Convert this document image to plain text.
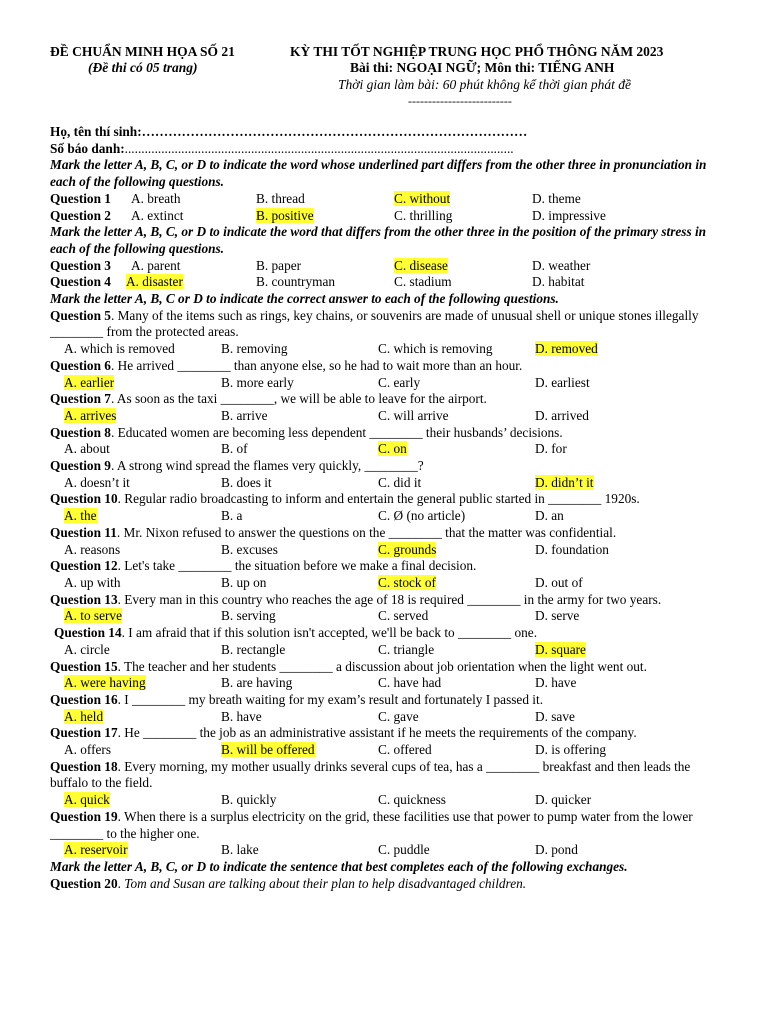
ĐỀ CHUẨN MINH HỌA SỐ 21
(Đề thi có 05 trang)
KỲ THI TỐT NGHIỆP TRUNG HỌC PHỔ THÔNG NĂM 2023
Bài thi: NGOẠI NGỮ; Môn thi: TIẾNG ANH
Thời gian làm bài: 60 phút không kể thời gian phát đề
--------------------------
Họ, tên thí sinh:……………………………………………………………………………
Số báo danh:.....................................................................................................................
Mark the letter A, B, C, or D to indicate the word whose underlined part differs from the other three in pronunciation in each of the following questions.
Question 1	A. breath	B. thread	C. without	D. theme
Question 2	A. extinct	B. positive	C. thrilling	D. impressive
Mark the letter A, B, C, or D to indicate the word that differs from the other three in the position of the primary stress in each of the following questions.
Question 3	A. parent	B. paper	C. disease	D. weather
Question 4	A. disaster	B. countryman	C. stadium	D. habitat
Mark the letter A, B, C or D to indicate the correct answer to each of the following questions.
Question 5. Many of the items such as rings, key chains, or souvenirs are made of unusual shell or unique stones illegally ________ from the protected areas.
A. which is removed	B. removing	C. which is removing	D. removed
Question 6. He arrived ________ than anyone else, so he had to wait more than an hour.
A. earlier	B. more early	C. early	D. earliest
Question 7. As soon as the taxi ________, we will be able to leave for the airport.
A. arrives	B. arrive	C. will arrive	D. arrived
Question 8. Educated women are becoming less dependent ________ their husbands’ decisions.
A. about	B. of	C. on	D. for
Question 9. A strong wind spread the flames very quickly, ________?
A. doesn’t it	B. does it	C. did it	D. didn’t it
Question 10. Regular radio broadcasting to inform and entertain the general public started in ________ 1920s.
A. the	B. a	C. Ø (no article)	D. an
Question 11. Mr. Nixon refused to answer the questions on the ________ that the matter was confidential.
A. reasons	B. excuses	C. grounds	D. foundation
Question 12. Let's take ________ the situation before we make a final decision.
A. up with	B. up on	C. stock of	D. out of
Question 13. Every man in this country who reaches the age of 18 is required ________ in the army for two years.
A. to serve	B. serving	C. served	D. serve
Question 14. I am afraid that if this solution isn't accepted, we'll be back to ________ one.
A. circle	B. rectangle	C. triangle	D. square
Question 15. The teacher and her students ________ a discussion about job orientation when the light went out.
A. were having	B. are having	C. have had	D. have
Question 16. I ________ my breath waiting for my exam’s result and fortunately I passed it.
A. held	B. have	C. gave	D. save
Question 17. He ________ the job as an administrative assistant if he meets the requirements of the company.
A. offers	B. will be offered	C. offered	D. is offering
Question 18. Every morning, my mother usually drinks several cups of tea, has a ________ breakfast and then leads the buffalo to the field.
A. quick	B. quickly	C. quickness	D. quicker
Question 19. When there is a surplus electricity on the grid, these facilities use that power to pump water from the lower ________ to the higher one.
A. reservoir	B. lake	C. puddle	D. pond
Mark the letter A, B, C, or D to indicate the sentence that best completes each of the following exchanges.
Question 20. Tom and Susan are talking about their plan to help disadvantaged children.
